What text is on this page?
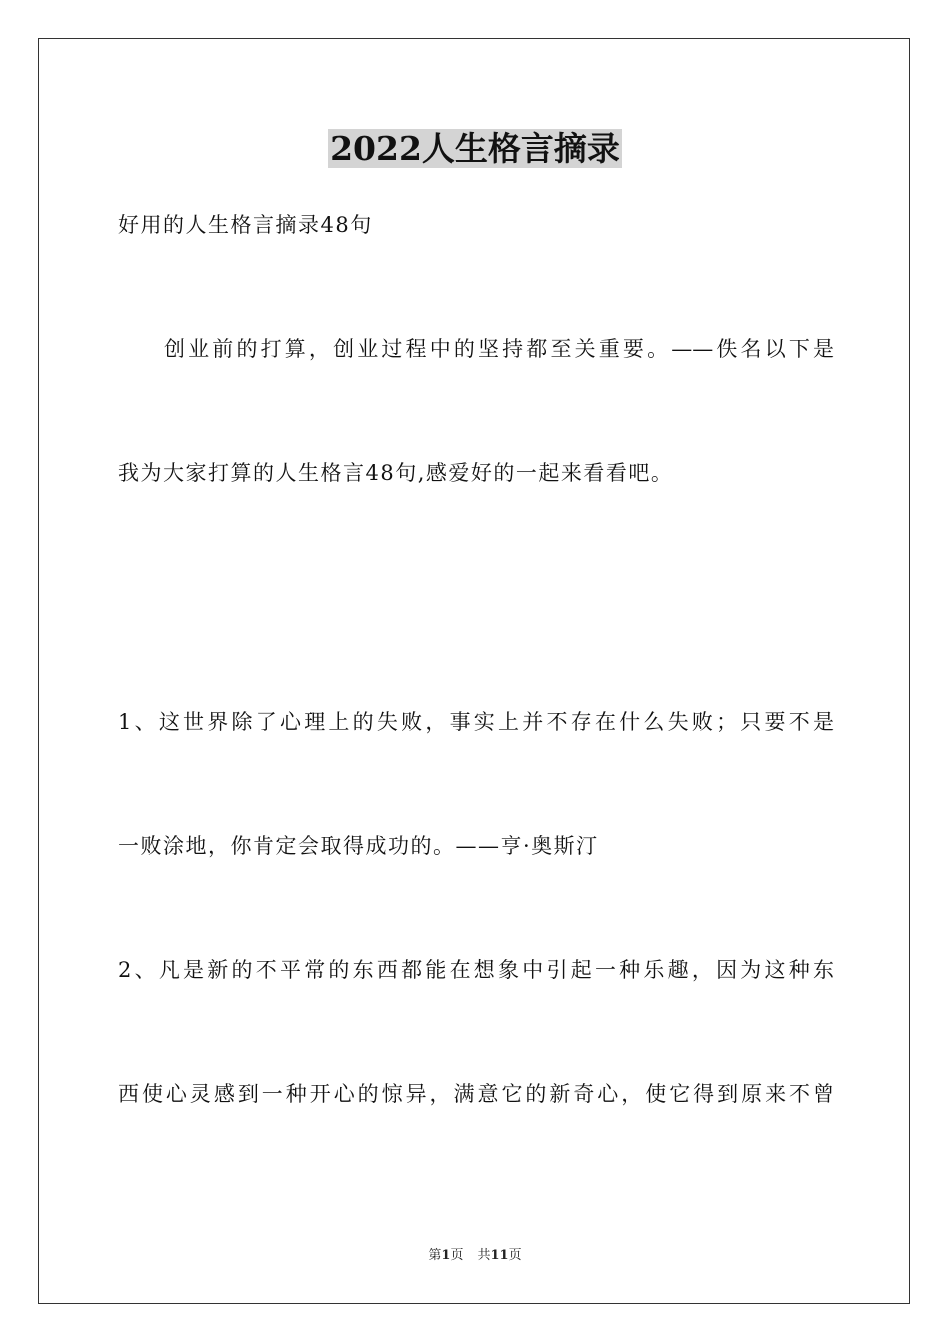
2022人生格言摘录

好用的人生格言摘录48句

创业前的打算，创业过程中的坚持都至关重要。——佚名以下是

我为大家打算的人生格言48句,感爱好的一起来看看吧。

1、这世界除了心理上的失败，事实上并不存在什么失败；只要不是

一败涂地，你肯定会取得成功的。——亨·奥斯汀

2、凡是新的不平常的东西都能在想象中引起一种乐趣，因为这种东

西使心灵感到一种开心的惊异，满意它的新奇心，使它得到原来不曾

第1页 共11页
